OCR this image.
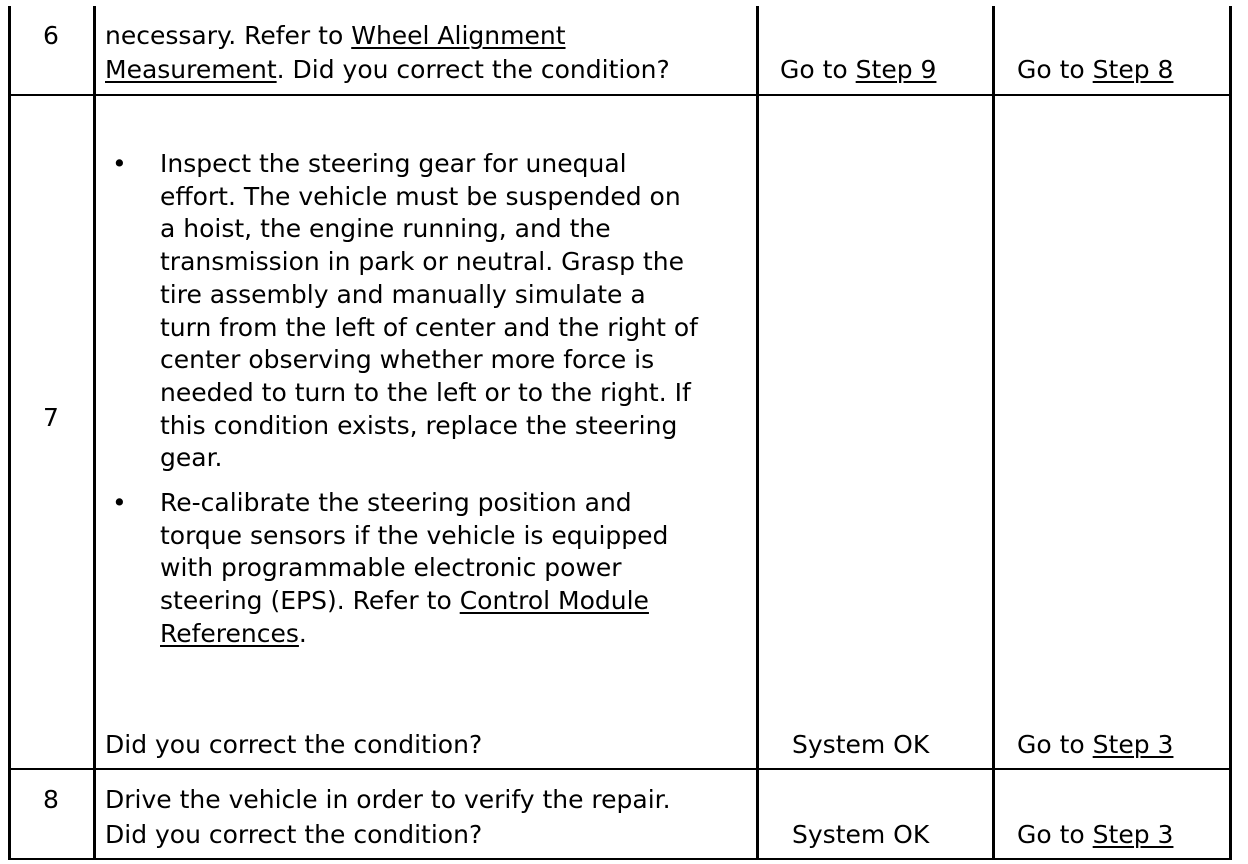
6	necessary. Refer to Wheel Alignment
Measurement. Did you correct the condition?	Go to Step 9	Go to Step 8
7
• Inspect the steering gear for unequal effort. The vehicle must be suspended on a hoist, the engine running, and the transmission in park or neutral. Grasp the tire assembly and manually simulate a turn from the left of center and the right of center observing whether more force is needed to turn to the left or to the right. If this condition exists, replace the steering gear.
• Re-calibrate the steering position and torque sensors if the vehicle is equipped with programmable electronic power steering (EPS). Refer to Control Module References.
Did you correct the condition?	System OK	Go to Step 3
8	Drive the vehicle in order to verify the repair.
Did you correct the condition?	System OK	Go to Step 3
